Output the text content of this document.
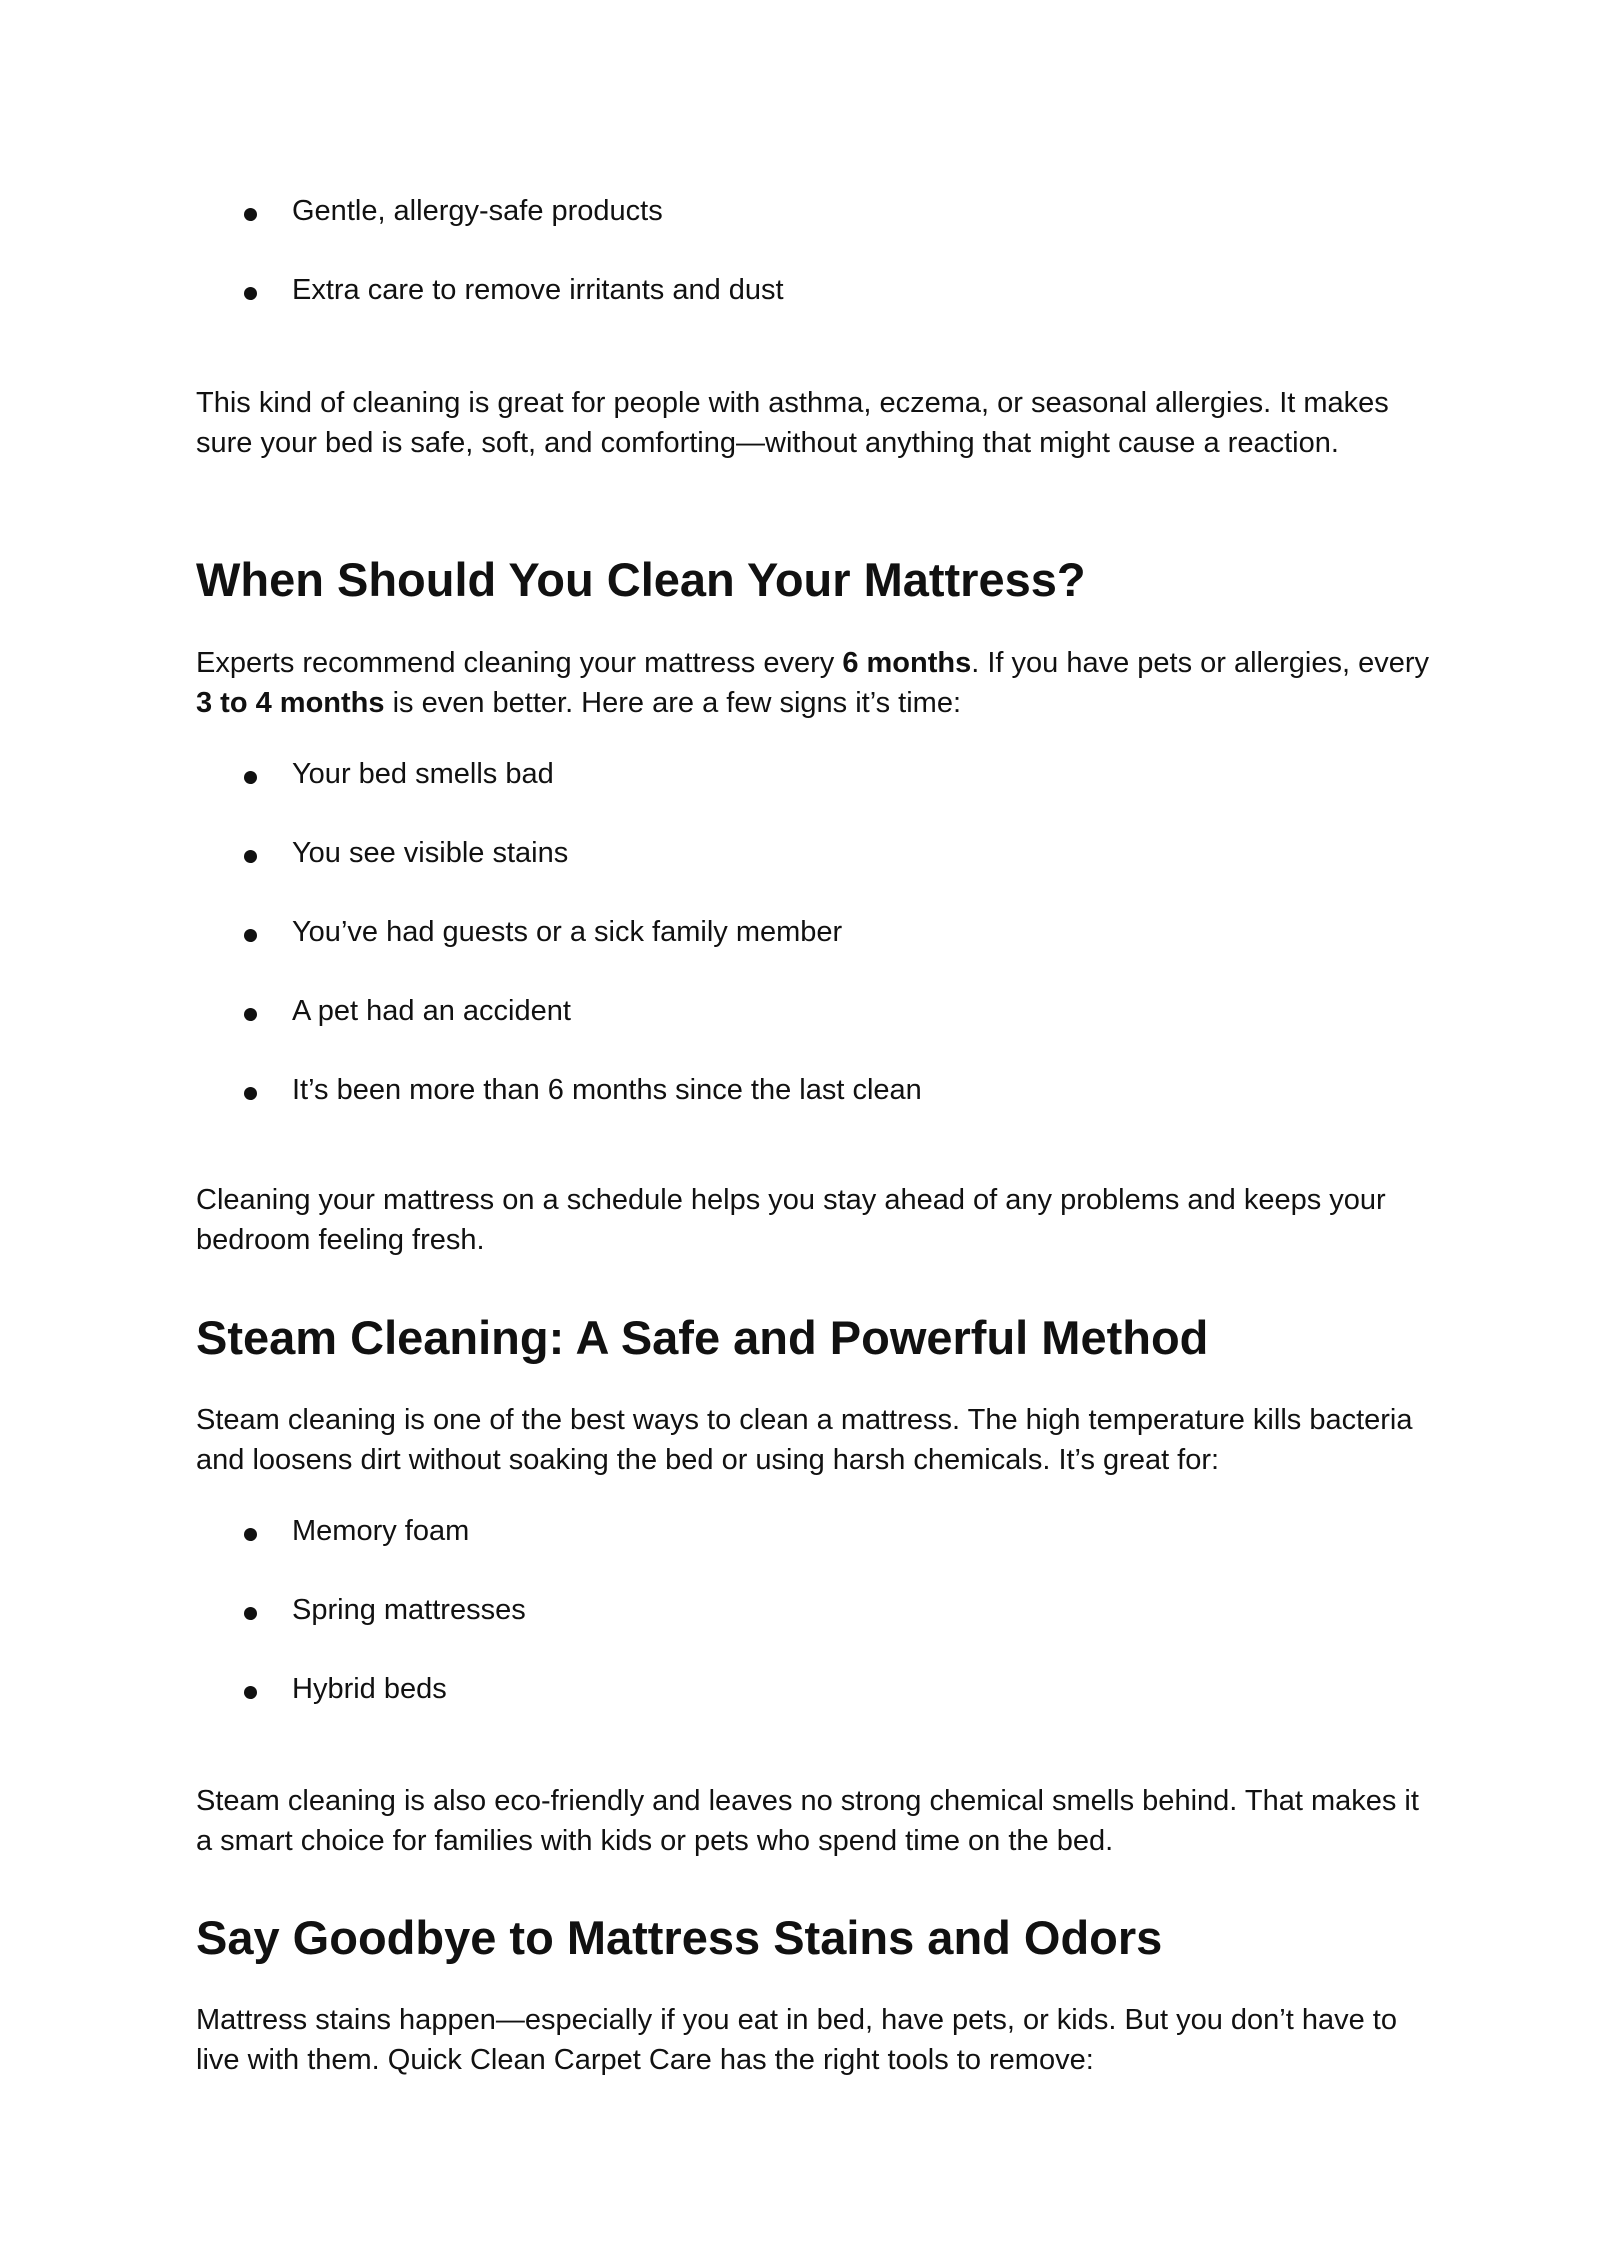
Gentle, allergy-safe products
Extra care to remove irritants and dust

This kind of cleaning is great for people with asthma, eczema, or seasonal allergies. It makes sure your bed is safe, soft, and comforting—without anything that might cause a reaction.

When Should You Clean Your Mattress?

Experts recommend cleaning your mattress every 6 months. If you have pets or allergies, every 3 to 4 months is even better. Here are a few signs it’s time:

Your bed smells bad
You see visible stains
You’ve had guests or a sick family member
A pet had an accident
It’s been more than 6 months since the last clean

Cleaning your mattress on a schedule helps you stay ahead of any problems and keeps your bedroom feeling fresh.

Steam Cleaning: A Safe and Powerful Method

Steam cleaning is one of the best ways to clean a mattress. The high temperature kills bacteria and loosens dirt without soaking the bed or using harsh chemicals. It’s great for:

Memory foam
Spring mattresses
Hybrid beds

Steam cleaning is also eco-friendly and leaves no strong chemical smells behind. That makes it a smart choice for families with kids or pets who spend time on the bed.

Say Goodbye to Mattress Stains and Odors

Mattress stains happen—especially if you eat in bed, have pets, or kids. But you don’t have to live with them. Quick Clean Carpet Care has the right tools to remove:
